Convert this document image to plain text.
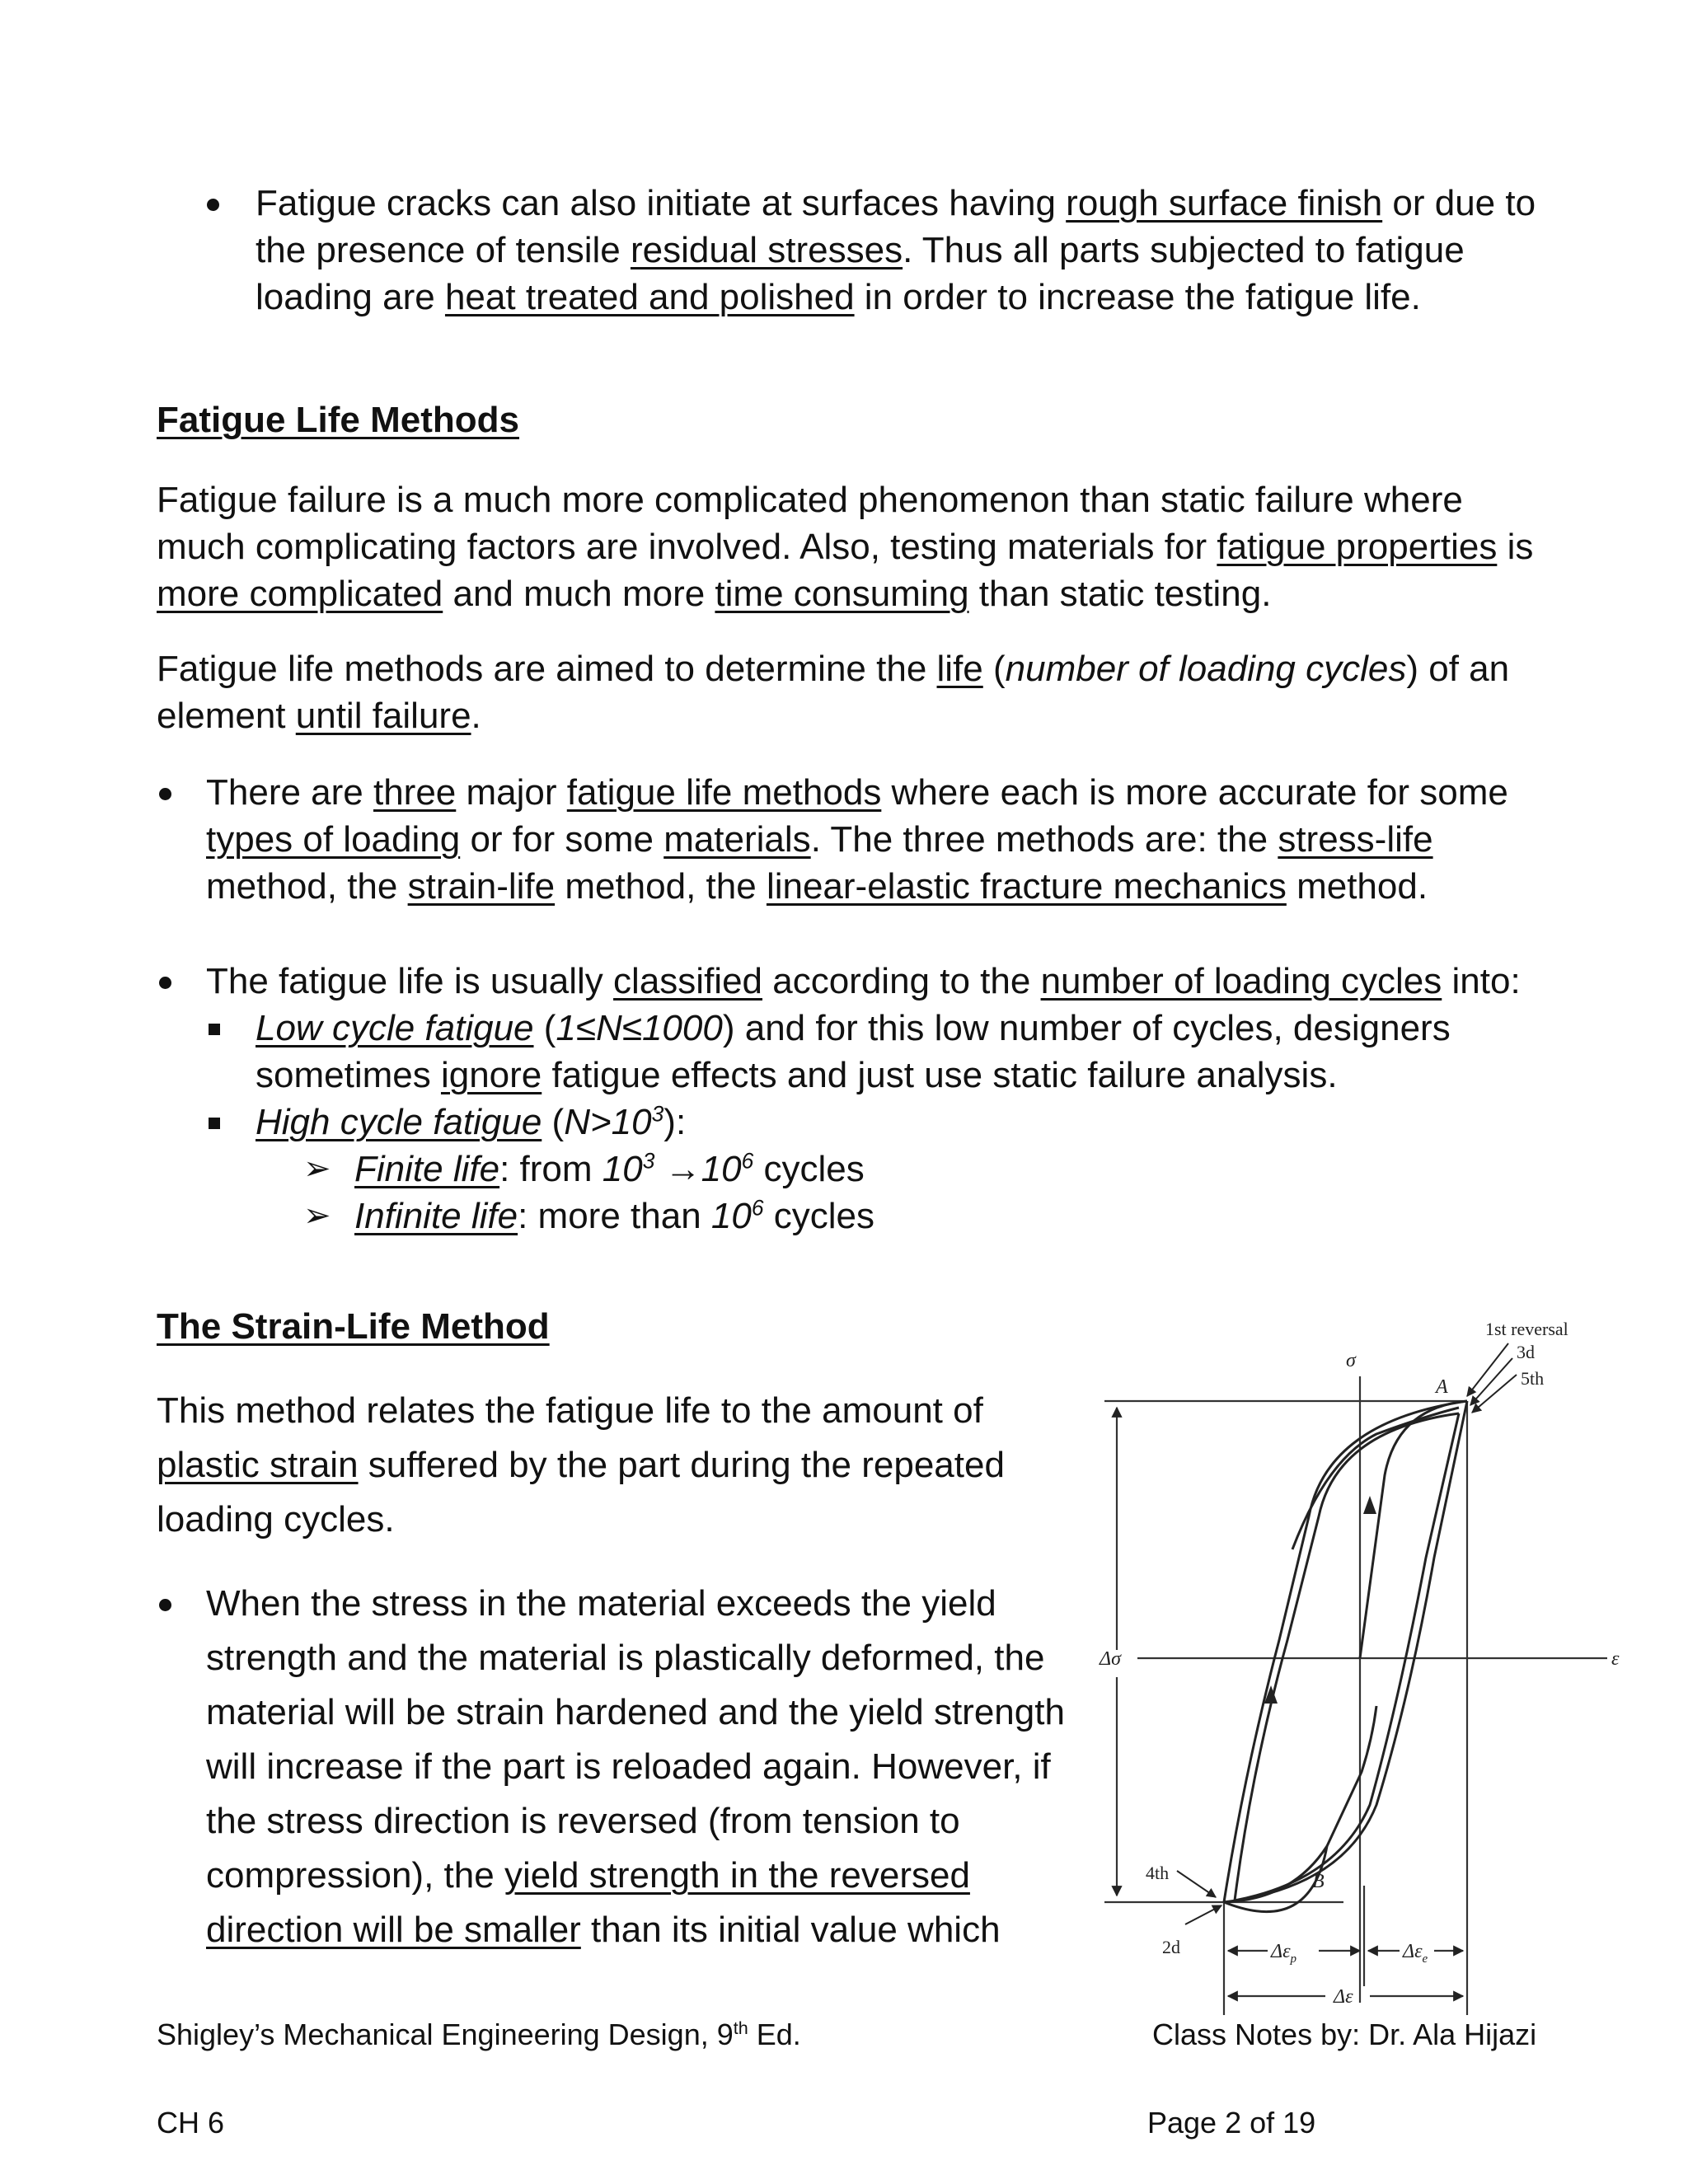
Fatigue cracks can also initiate at surfaces having rough surface finish or due to
the presence of tensile residual stresses. Thus all parts subjected to fatigue
loading are heat treated and polished in order to increase the fatigue life.
Fatigue Life Methods
Fatigue failure is a much more complicated phenomenon than static failure where
much complicating factors are involved. Also, testing materials for fatigue properties is
more complicated and much more time consuming than static testing.
Fatigue life methods are aimed to determine the life (number of loading cycles) of an
element until failure.
There are three major fatigue life methods where each is more accurate for some
types of loading or for some materials. The three methods are: the stress-life
method, the strain-life method, the linear-elastic fracture mechanics method.
The fatigue life is usually classified according to the number of loading cycles into:
Low cycle fatigue (1≤N≤1000) and for this low number of cycles, designers
sometimes ignore fatigue effects and just use static failure analysis.
High cycle fatigue $(N>10^3)$:
➢ Finite life: from $10^3 \to 10^6$ cycles
➢ Infinite life: more than $10^6$ cycles
The Strain-Life Method
This method relates the fatigue life to the amount of
plastic strain suffered by the part during the repeated
loading cycles.
When the stress in the material exceeds the yield
strength and the material is plastically deformed, the
material will be strain hardened and the yield strength
will increase if the part is reloaded again. However, if
the stress direction is reversed (from tension to
compression), the yield strength in the reversed
direction will be smaller than its initial value which
σ
ε
A
B
1st reversal
3d
5th
4th
2d
Δσ
$\Delta\varepsilon_p$	$\Delta\varepsilon_e$
Δε
Shigley’s Mechanical Engineering Design, 9th Ed.	Class Notes by: Dr. Ala Hijazi
CH 6	Page 2 of 19
